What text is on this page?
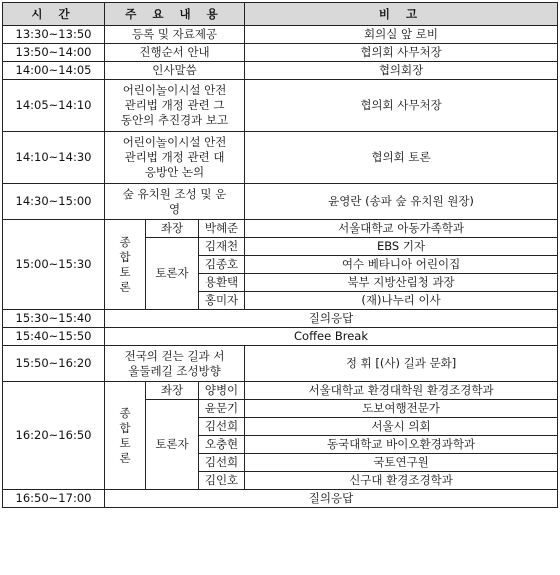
시 간	주 요 내 용			비 고
13:30~13:50	등록 및 자료제공			회의실 앞 로비
13:50~14:00	진행순서 안내			협의회 사무처장
14:00~14:05	인사말씀			협의회장
14:05~14:10	어린이놀이시설 안전
관리법 개정 관련 그
동안의 추진경과 보고			협의회 사무처장
14:10~14:30	어린이놀이시설 안전
관리법 개정 관련 대
응방안 논의			협의회 토론
14:30~15:00	숲 유치원 조성 및 운
영			윤영란 (송파 숲 유치원 원장)
15:00~15:30	종
합
토
론	좌장	박혜준	서울대학교 아동가족학과
		토론자	김재천	EBS 기자
			김종호	여수 베타니아 어린이집
			용환택	북부 지방산림청 과장
			홍미자	(재)나누리 이사
15:30~15:40	질의응답			
15:40~15:50	Coffee Break			
15:50~16:20	전국의 걷는 길과 서
울둘레길 조성방향			정 휘 [(사) 길과 문화]
16:20~16:50	종
합
토
론	좌장	양병이	서울대학교 환경대학원 환경조경학과
		토론자	윤문기	도보여행전문가
			김선희	서울시 의회
			오충현	동국대학교 바이오환경과학과
			김선희	국토연구원
			김인호	신구대 환경조경학과
16:50~17:00	질의응답			
